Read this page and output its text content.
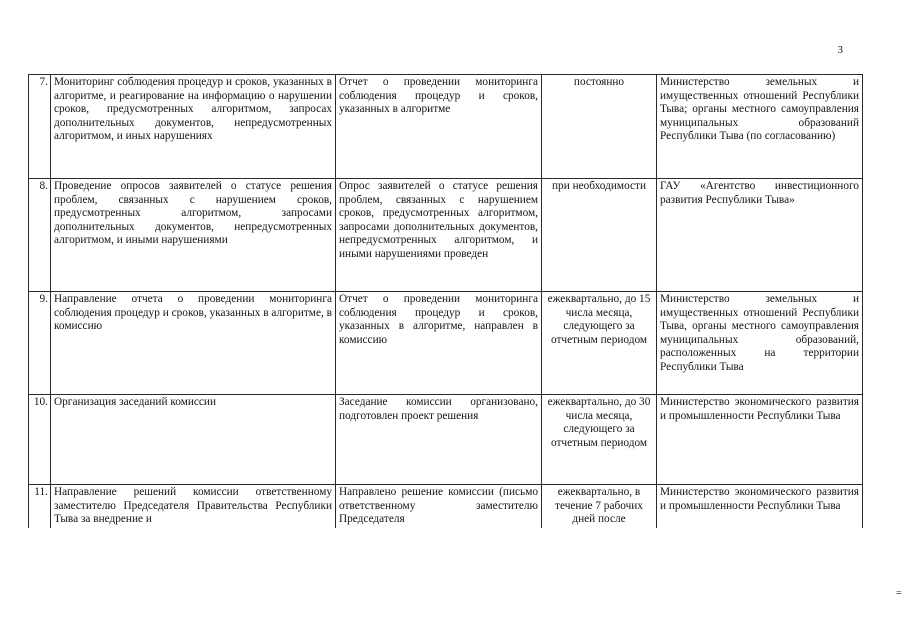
3
=
7.	Мониторинг соблюдения процедур и сроков, указанных в алгоритме, и реагирование на информацию о нарушении сроков, предусмотренных алгоритмом, запросах дополнительных документов, непредусмотренных алгоритмом, и иных нарушениях	Отчет о проведении мониторинга соблюдения процедур и сроков, указанных в алгоритме	постоянно	Министерство земельных и имущественных отношений Республики Тыва; органы местного самоуправления муниципальных образований Республики Тыва (по согласованию)
8.	Проведение опросов заявителей о статусе решения проблем, связанных с нарушением сроков, предусмотренных алгоритмом, запросами дополнительных документов, непредусмотренных алгоритмом, и иными нарушениями	Опрос заявителей о статусе решения проблем, связанных с нарушением сроков, предусмотренных алгоритмом, запросами дополнительных документов, непредусмотренных алгоритмом, и иными нарушениями проведен	при необходимости	ГАУ «Агентство инвестиционного развития Республики Тыва»
9.	Направление отчета о проведении мониторинга соблюдения процедур и сроков, указанных в алгоритме, в комиссию	Отчет о проведении мониторинга соблюдения процедур и сроков, указанных в алгоритме, направлен в комиссию	ежеквартально, до 15 числа месяца, следующего за отчетным периодом	Министерство земельных и имущественных отношений Республики Тыва, органы местного самоуправления муниципальных образований, расположенных на территории Республики Тыва
10.	Организация заседаний комиссии	Заседание комиссии организовано, подготовлен проект решения	ежеквартально, до 30 числа месяца, следующего за отчетным периодом	Министерство экономического развития и промышленности Республики Тыва
11.	Направление решений комиссии ответственному заместителю Председателя Правительства Республики Тыва за внедрение и	Направлено решение комиссии (письмо ответственному заместителю Председателя	ежеквартально, в течение 7 рабочих дней после	Министерство экономического развития и промышленности Республики Тыва
